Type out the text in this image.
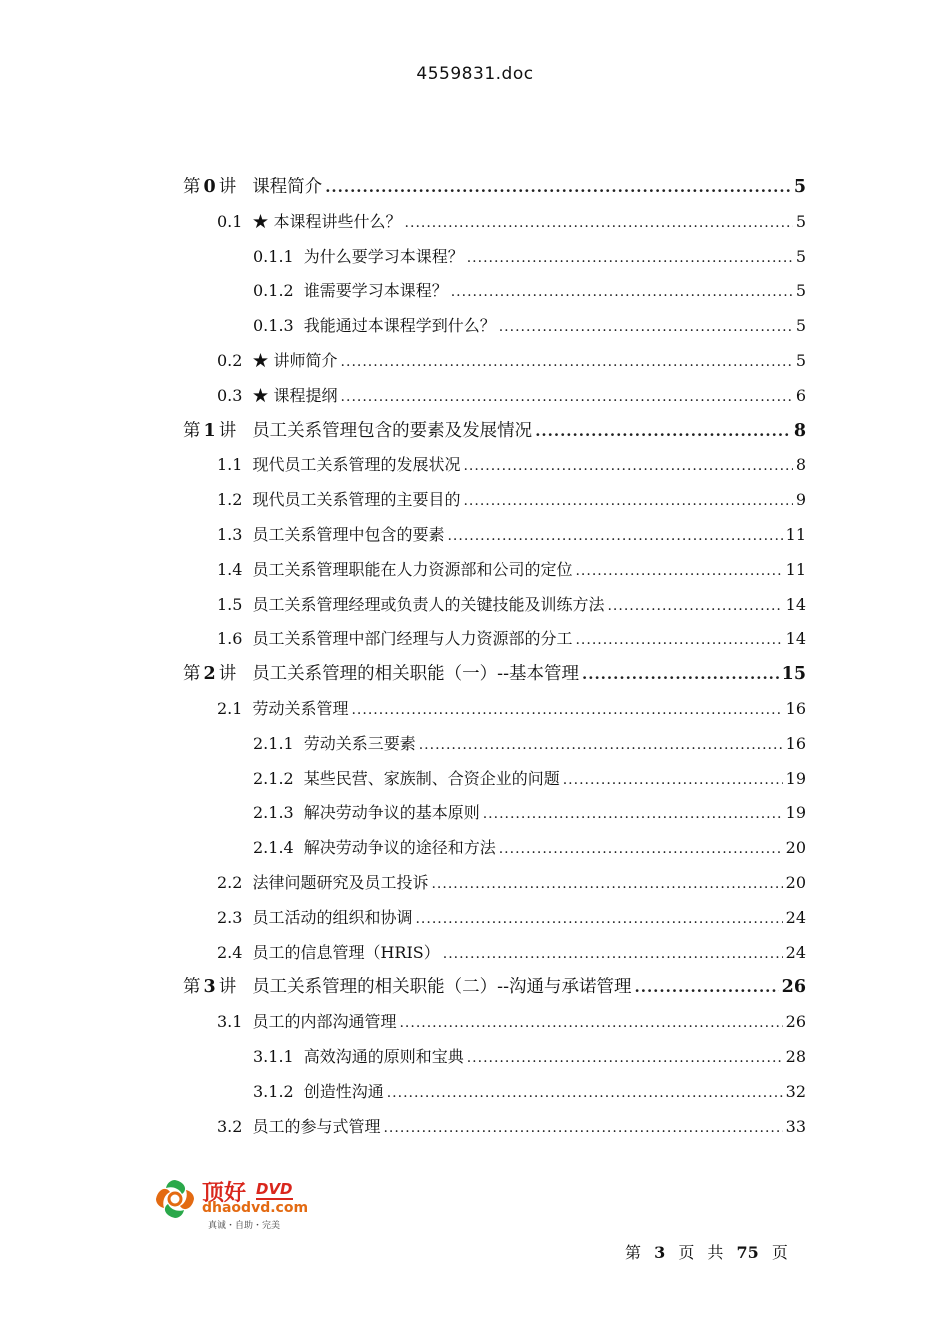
4559831.doc
第 0 讲 课程简介 .....	5
0.1 ★ 本课程讲些什么？ .....	5
0.1.1 为什么要学习本课程？ .....	5
0.1.2 谁需要学习本课程？ .....	5
0.1.3 我能通过本课程学到什么？ .....	5
0.2 ★ 讲师简介 .....	5
0.3 ★ 课程提纲 .....	6
第 1 讲 员工关系管理包含的要素及发展情况 .....	8
1.1 现代员工关系管理的发展状况 .....	8
1.2 现代员工关系管理的主要目的 .....	9
1.3 员工关系管理中包含的要素 .....	11
1.4 员工关系管理职能在人力资源部和公司的定位 .....	11
1.5 员工关系管理经理或负责人的关键技能及训练方法 .....	14
1.6 员工关系管理中部门经理与人力资源部的分工 .....	14
第 2 讲 员工关系管理的相关职能（一）--基本管理 .....	15
2.1 劳动关系管理 .....	16
2.1.1 劳动关系三要素 .....	16
2.1.2 某些民营、家族制、合资企业的问题 .....	19
2.1.3 解决劳动争议的基本原则 .....	19
2.1.4 解决劳动争议的途径和方法 .....	20
2.2 法律问题研究及员工投诉 .....	20
2.3 员工活动的组织和协调 .....	24
2.4 员工的信息管理（HRIS） .....	24
第 3 讲 员工关系管理的相关职能（二）--沟通与承诺管理 .....	26
3.1 员工的内部沟通管理 .....	26
3.1.1 高效沟通的原则和宝典 .....	28
3.1.2 创造性沟通 .....	32
3.2 员工的参与式管理 .....	33
顶好 DVD
dhaodvd.com
真诚・自助・完美
第 3 页 共 75 页
